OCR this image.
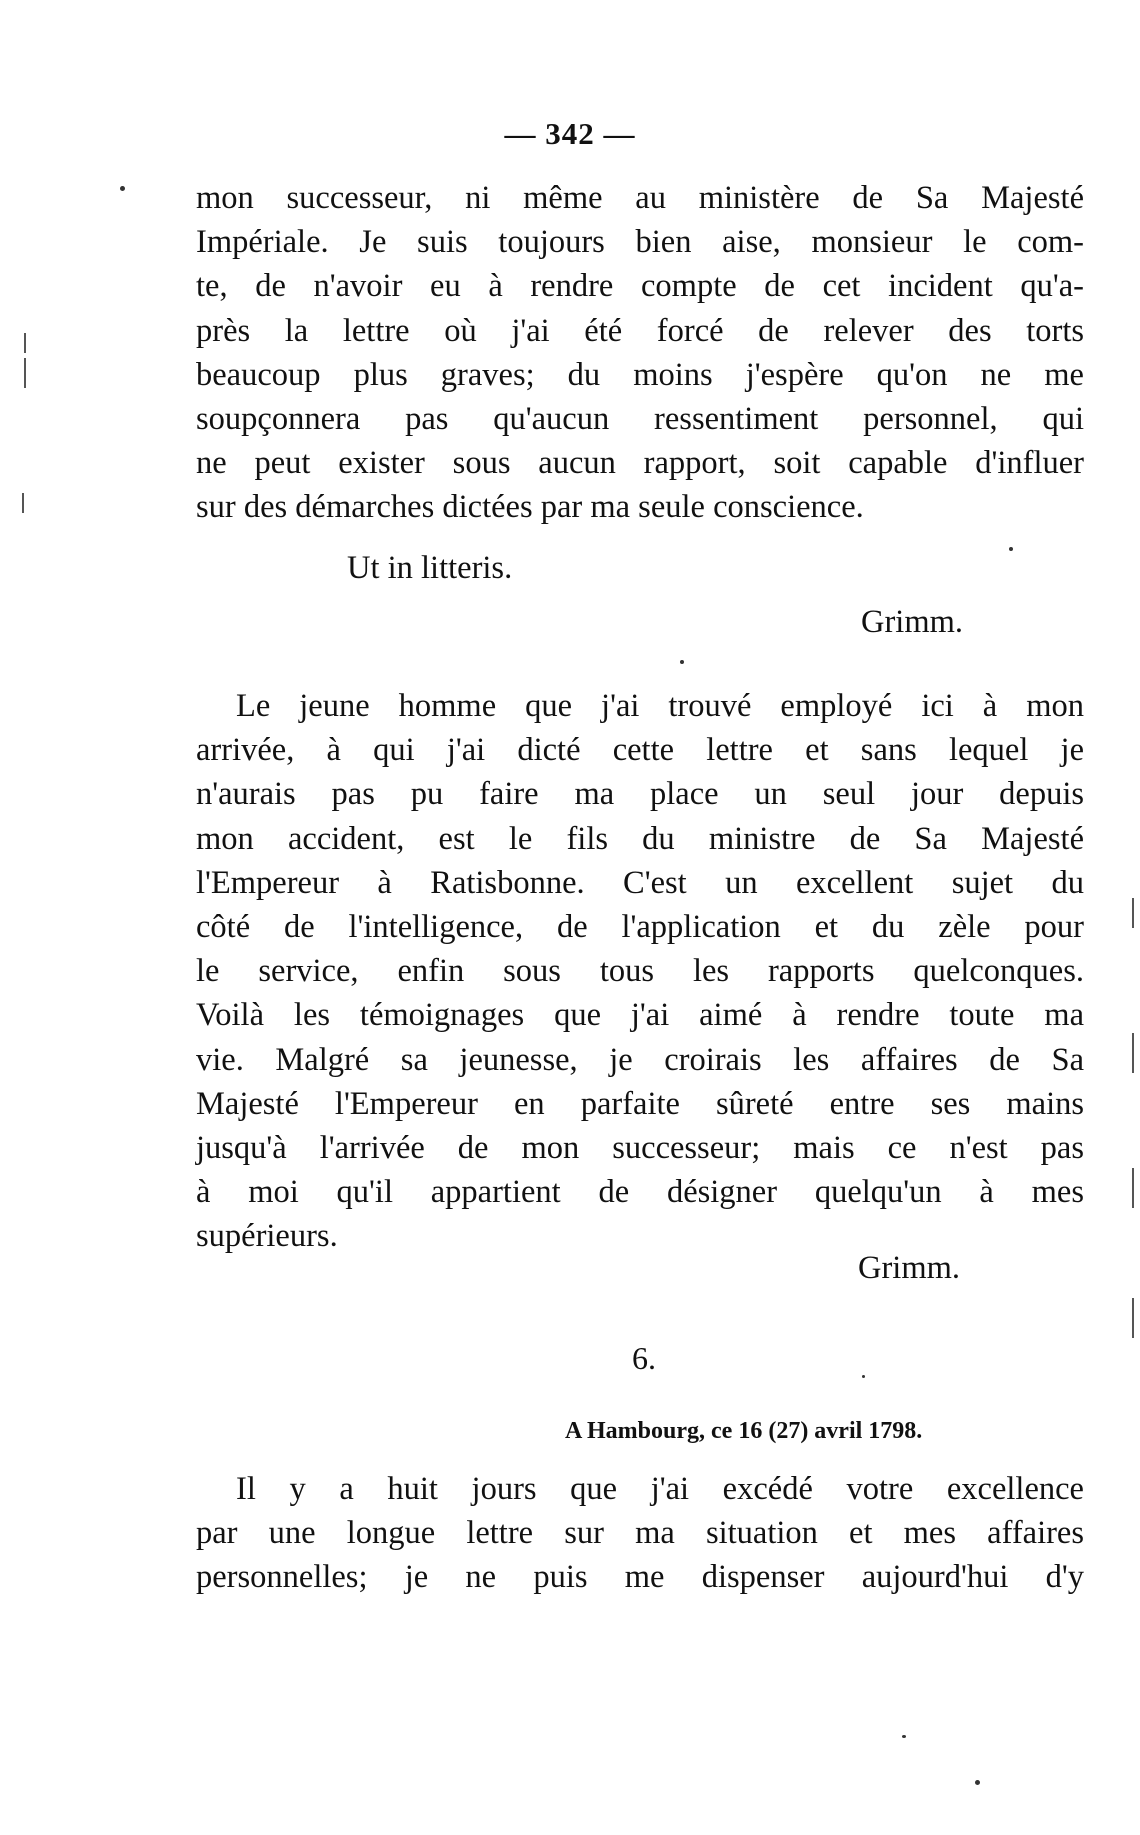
— 342 —
mon successeur, ni même au ministère de Sa Majesté
Impériale. Je suis toujours bien aise, monsieur le com-
te, de n'avoir eu à rendre compte de cet incident qu'a-
près la lettre où j'ai été forcé de relever des torts
beaucoup plus graves; du moins j'espère qu'on ne me
soupçonnera pas qu'aucun ressentiment personnel, qui
ne peut exister sous aucun rapport, soit capable d'influer
sur des démarches dictées par ma seule conscience.
Ut in litteris.
Grimm.
Le jeune homme que j'ai trouvé employé ici à mon
arrivée, à qui j'ai dicté cette lettre et sans lequel je
n'aurais pas pu faire ma place un seul jour depuis
mon accident, est le fils du ministre de Sa Majesté
l'Empereur à Ratisbonne. C'est un excellent sujet du
côté de l'intelligence, de l'application et du zèle pour
le service, enfin sous tous les rapports quelconques.
Voilà les témoignages que j'ai aimé à rendre toute ma
vie. Malgré sa jeunesse, je croirais les affaires de Sa
Majesté l'Empereur en parfaite sûreté entre ses mains
jusqu'à l'arrivée de mon successeur; mais ce n'est pas
à moi qu'il appartient de désigner quelqu'un à mes
supérieurs.
Grimm.
6.
A Hambourg, ce 16 (27) avril 1798.
Il y a huit jours que j'ai excédé votre excellence
par une longue lettre sur ma situation et mes affaires
personnelles; je ne puis me dispenser aujourd'hui d'y
